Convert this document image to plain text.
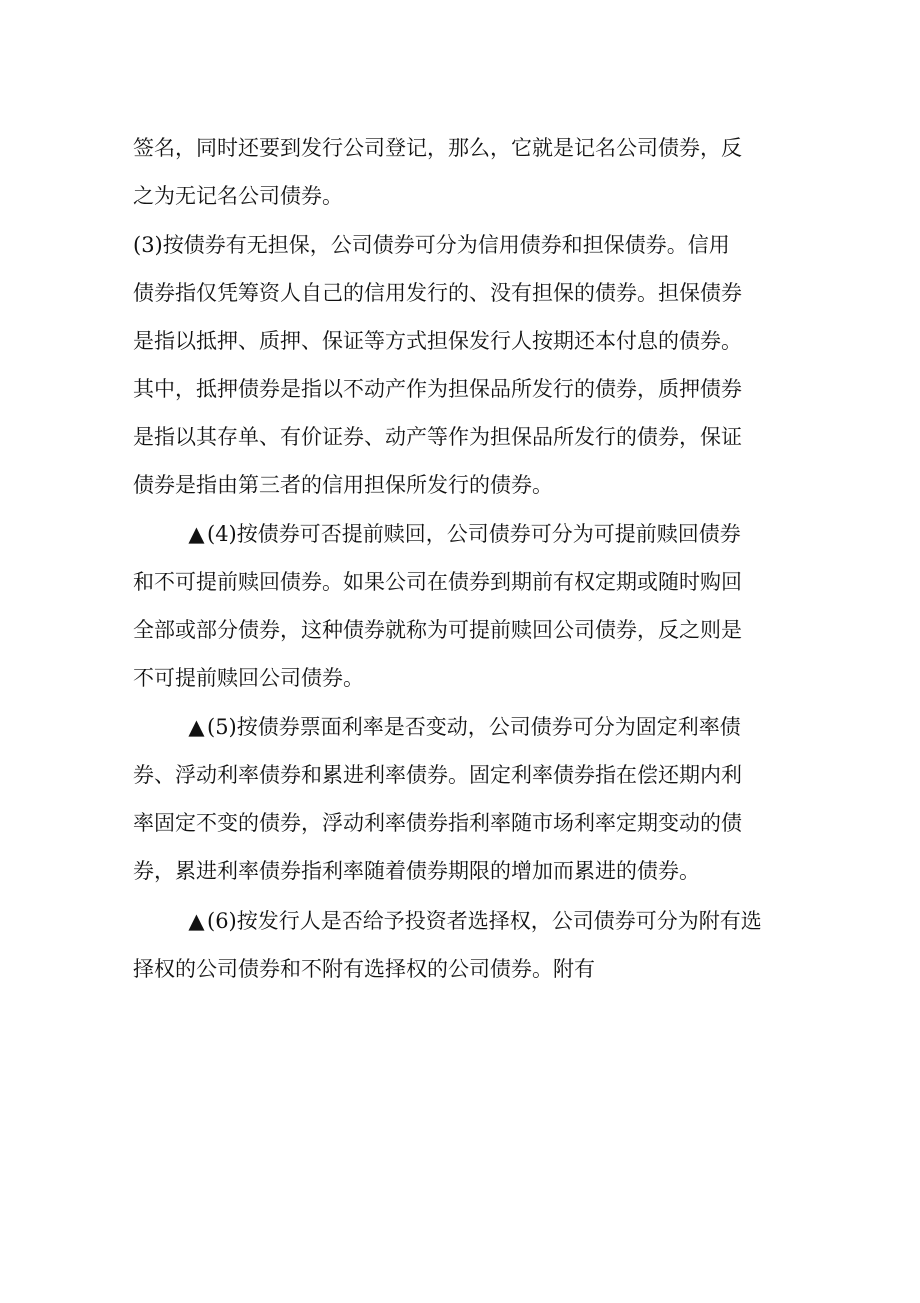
签名，同时还要到发行公司登记，那么，它就是记名公司债券，反
之为无记名公司债券。
(3)按债券有无担保，公司债券可分为信用债券和担保债券。信用
债券指仅凭筹资人自己的信用发行的、没有担保的债券。担保债券
是指以抵押、质押、保证等方式担保发行人按期还本付息的债券。
其中，抵押债券是指以不动产作为担保品所发行的债券，质押债券
是指以其存单、有价证券、动产等作为担保品所发行的债券，保证
债券是指由第三者的信用担保所发行的债券。
▲ (4)按债券可否提前赎回，公司债券可分为可提前赎回债券
和不可提前赎回债券。如果公司在债券到期前有权定期或随时购回
全部或部分债券，这种债券就称为可提前赎回公司债券，反之则是
不可提前赎回公司债券。
▲ (5)按债券票面利率是否变动，公司债券可分为固定利率债
券、浮动利率债券和累进利率债券。固定利率债券指在偿还期内利
率固定不变的债券，浮动利率债券指利率随市场利率定期变动的债
券，累进利率债券指利率随着债券期限的增加而累进的债券。
▲ (6)按发行人是否给予投资者选择权，公司债券可分为附有选
择权的公司债券和不附有选择权的公司债券。附有
